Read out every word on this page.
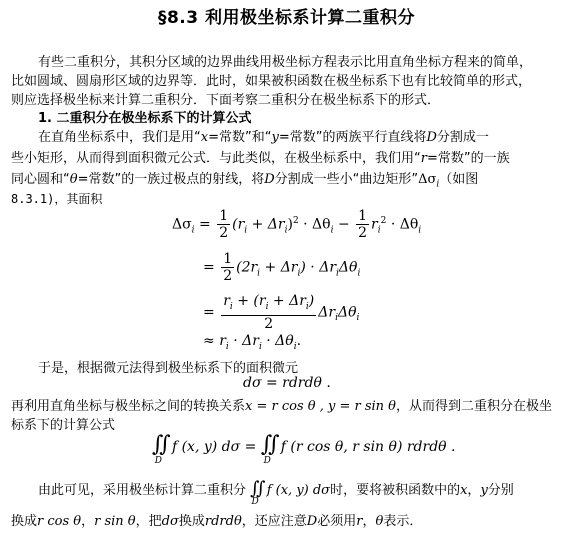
§8.3 利用极坐标系计算二重积分
有些二重积分，其积分区域的边界曲线用极坐标方程表示比用直角坐标方程来的简单，
比如圆域、圆扇形区域的边界等．此时，如果被积函数在极坐标系下也有比较简单的形式，
则应选择极坐标来计算二重积分．下面考察二重积分在极坐标系下的形式．
1. 二重积分在极坐标系下的计算公式
在直角坐标系中，我们是用“x=常数”和“y=常数”的两族平行直线将D分割成一
些小矩形，从而得到面积微元公式．与此类似，在极坐标系中，我们用“r=常数”的一族
同心圆和“θ=常数”的一族过极点的射线，将D分割成一些小“曲边矩形$”\Delta\sigma_i$（如图
8.3.1)，其面积
$\Delta\sigma_i = \frac{1}{2} (r_i + \Delta r_i)^2 \cdot \Delta\theta_i - \frac{1}{2} r_i^2 \cdot \Delta\theta_i$
= $\frac{1}{2} (2r_i + \Delta r_i) \cdot \Delta r_i\Delta\theta_i$
= $\frac{r_i + (r_i + \Delta r_i)}{2} \Delta r_i\Delta\theta_i$
≈ $r_i \cdot \Delta r_i \cdot \Delta\theta_i$.
于是，根据微元法得到极坐标系下的面积微元
dσ = rdrdθ .
再利用直角坐标与极坐标之间的转换关系x = r cos θ , y = r sin θ，从而得到二重积分在极坐
标系下的计算公式
$∬_Df$ (x, y) $d\sigma = ∬_Df$ (r cos θ, r sin θ) rdrdθ .
由此可见，采用极坐标计算二重积分 $∬_Df$ (x, y) dσ时，要将被积函数中的x，y分别
换成r cos θ，r sin θ，把dσ换成rdrdθ，还应注意D必须用r，θ表示．
